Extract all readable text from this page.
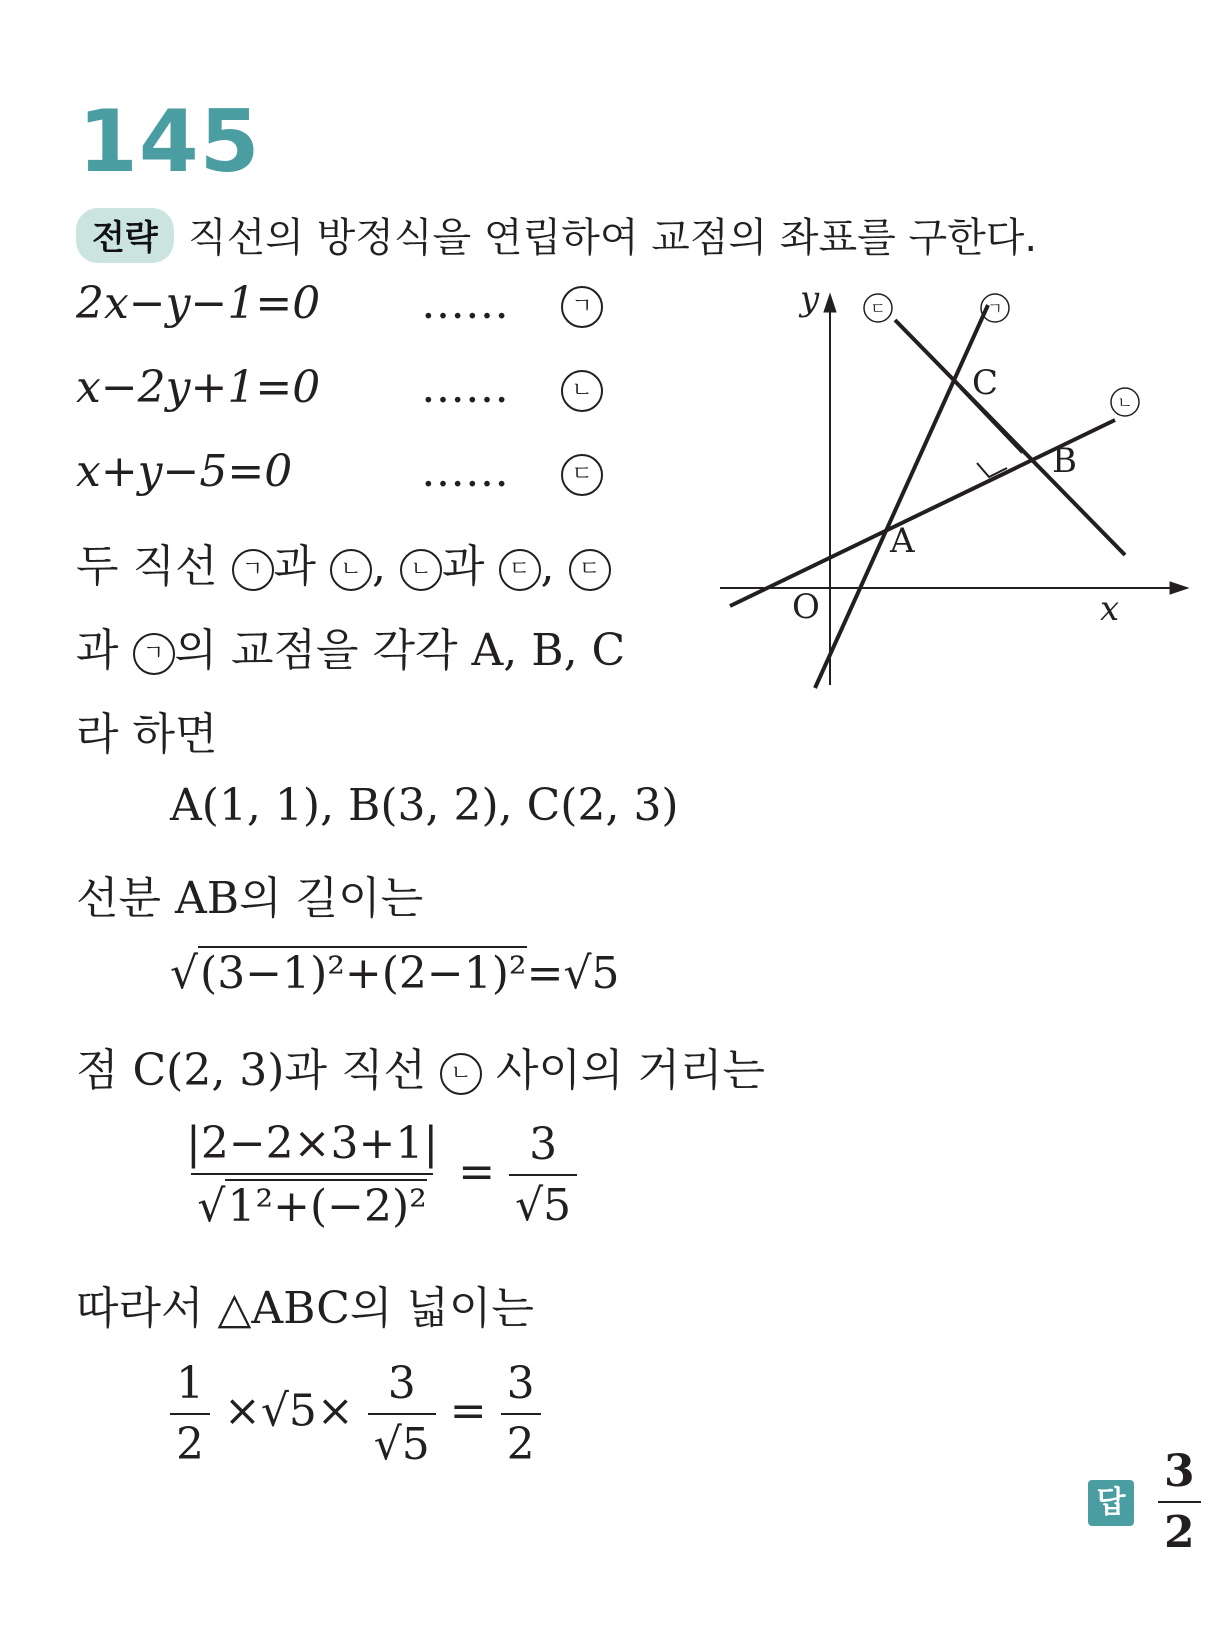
145
전략 직선의 방정식을 연립하여 교점의 좌표를 구한다.
2x−y−1=0 ……	ㄱ
x−2y+1=0 ……	ㄴ
x+y−5=0	……	ㄷ
두 직선 ㄱ 과 ㄴ , ㄴ 과 ㄷ , ㄷ
과 ㄱ 의 교점을 각각 A, B, C
라 하면
A(1, 1), B(3, 2), C(2, 3)
선분 AB의 길이는
√(3−1)²+(2−1)²=√5
점 C(2, 3)과 직선 ㄴ 사이의 거리는
$\frac{|2-2\times 3+1|}{\text{√1²+(−2)²}} = \frac{3}{√5}$
따라서 △ABC의 넓이는
$\frac{1}{2} \times√5\times \frac{3}{√5} = \frac{3}{2}$
답 $\frac{3}{2}$
y
x
O
A
B
C
ㄷ	ㄱ
ㄴ
